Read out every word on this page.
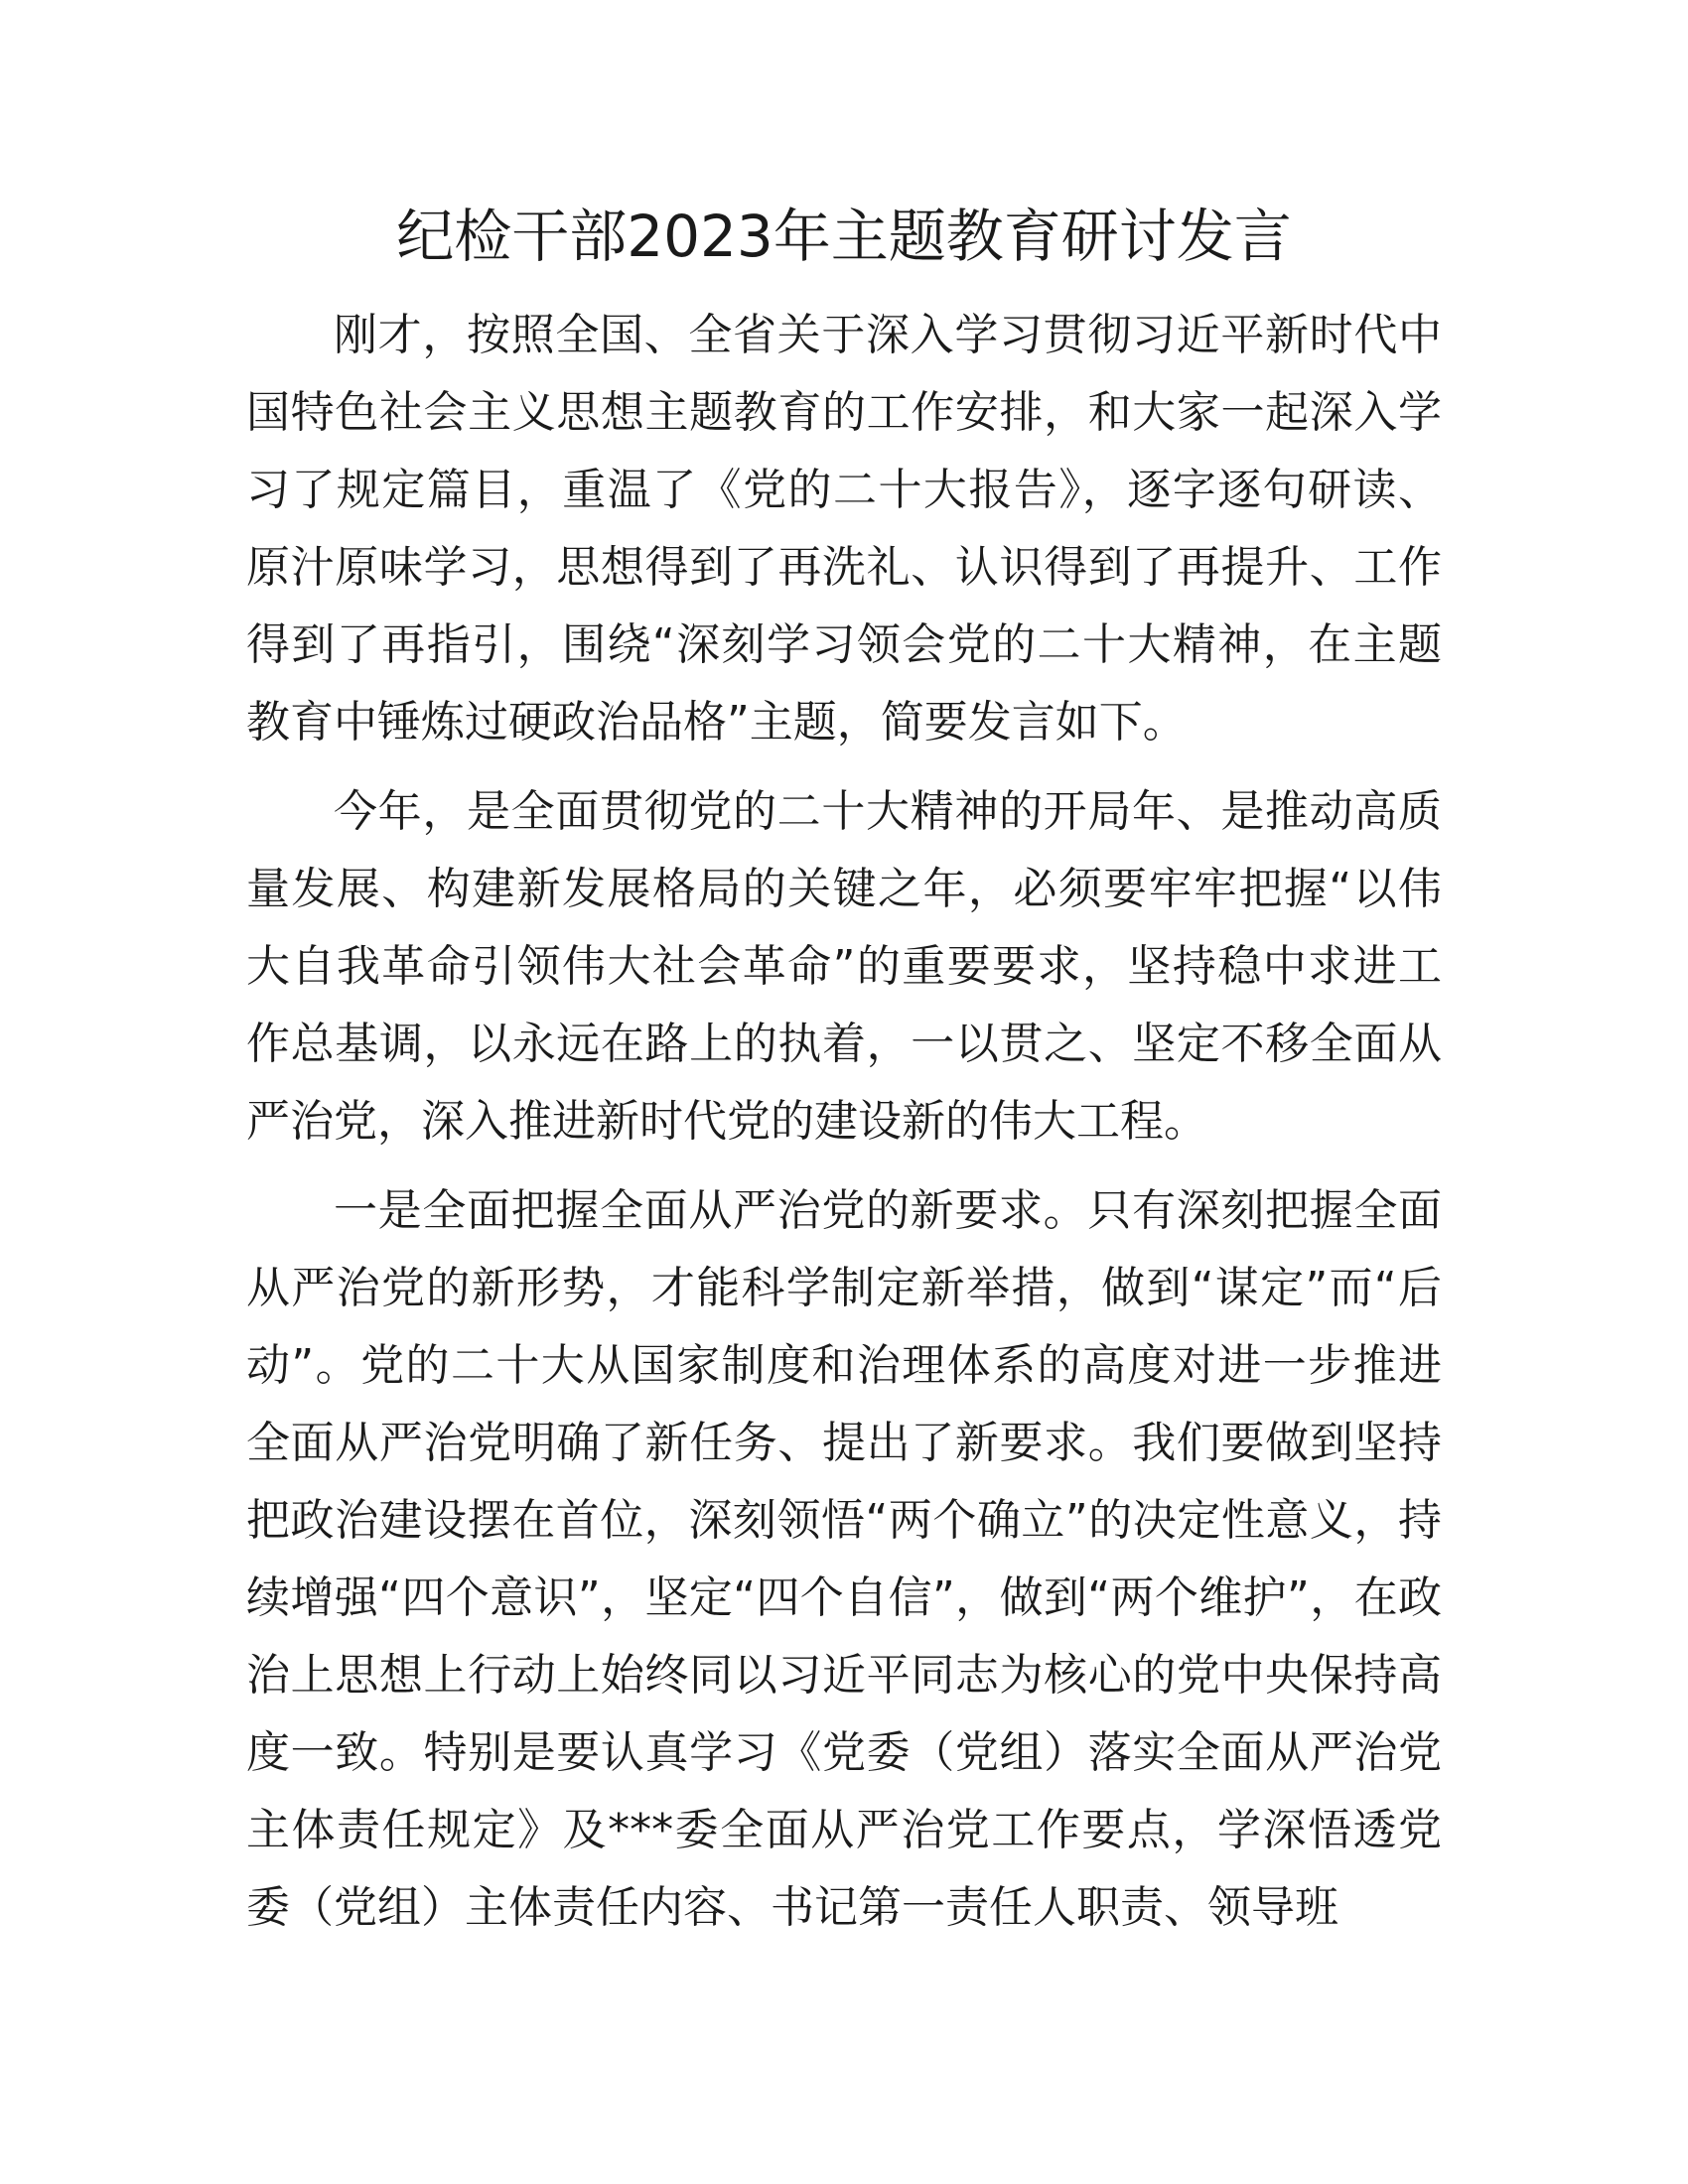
纪检干部2023年主题教育研讨发言

刚才，按照全国、全省关于深入学习贯彻习近平新时代中国特色社会主义思想主题教育的工作安排，和大家一起深入学习了规定篇目，重温了《党的二十大报告》，逐字逐句研读、原汁原味学习，思想得到了再洗礼、认识得到了再提升、工作得到了再指引，围绕“深刻学习领会党的二十大精神，在主题教育中锤炼过硬政治品格”主题，简要发言如下。

今年，是全面贯彻党的二十大精神的开局年、是推动高质量发展、构建新发展格局的关键之年，必须要牢牢把握“以伟大自我革命引领伟大社会革命”的重要要求，坚持稳中求进工作总基调，以永远在路上的执着，一以贯之、坚定不移全面从严治党，深入推进新时代党的建设新的伟大工程。

一是全面把握全面从严治党的新要求。只有深刻把握全面从严治党的新形势，才能科学制定新举措，做到“谋定”而“后动”。党的二十大从国家制度和治理体系的高度对进一步推进全面从严治党明确了新任务、提出了新要求。我们要做到坚持把政治建设摆在首位，深刻领悟“两个确立”的决定性意义，持续增强“四个意识”，坚定“四个自信”，做到“两个维护”，在政治上思想上行动上始终同以习近平同志为核心的党中央保持高度一致。特别是要认真学习《党委（党组）落实全面从严治党主体责任规定》及***委全面从严治党工作要点，学深悟透党委（党组）主体责任内容、书记第一责任人职责、领导班
